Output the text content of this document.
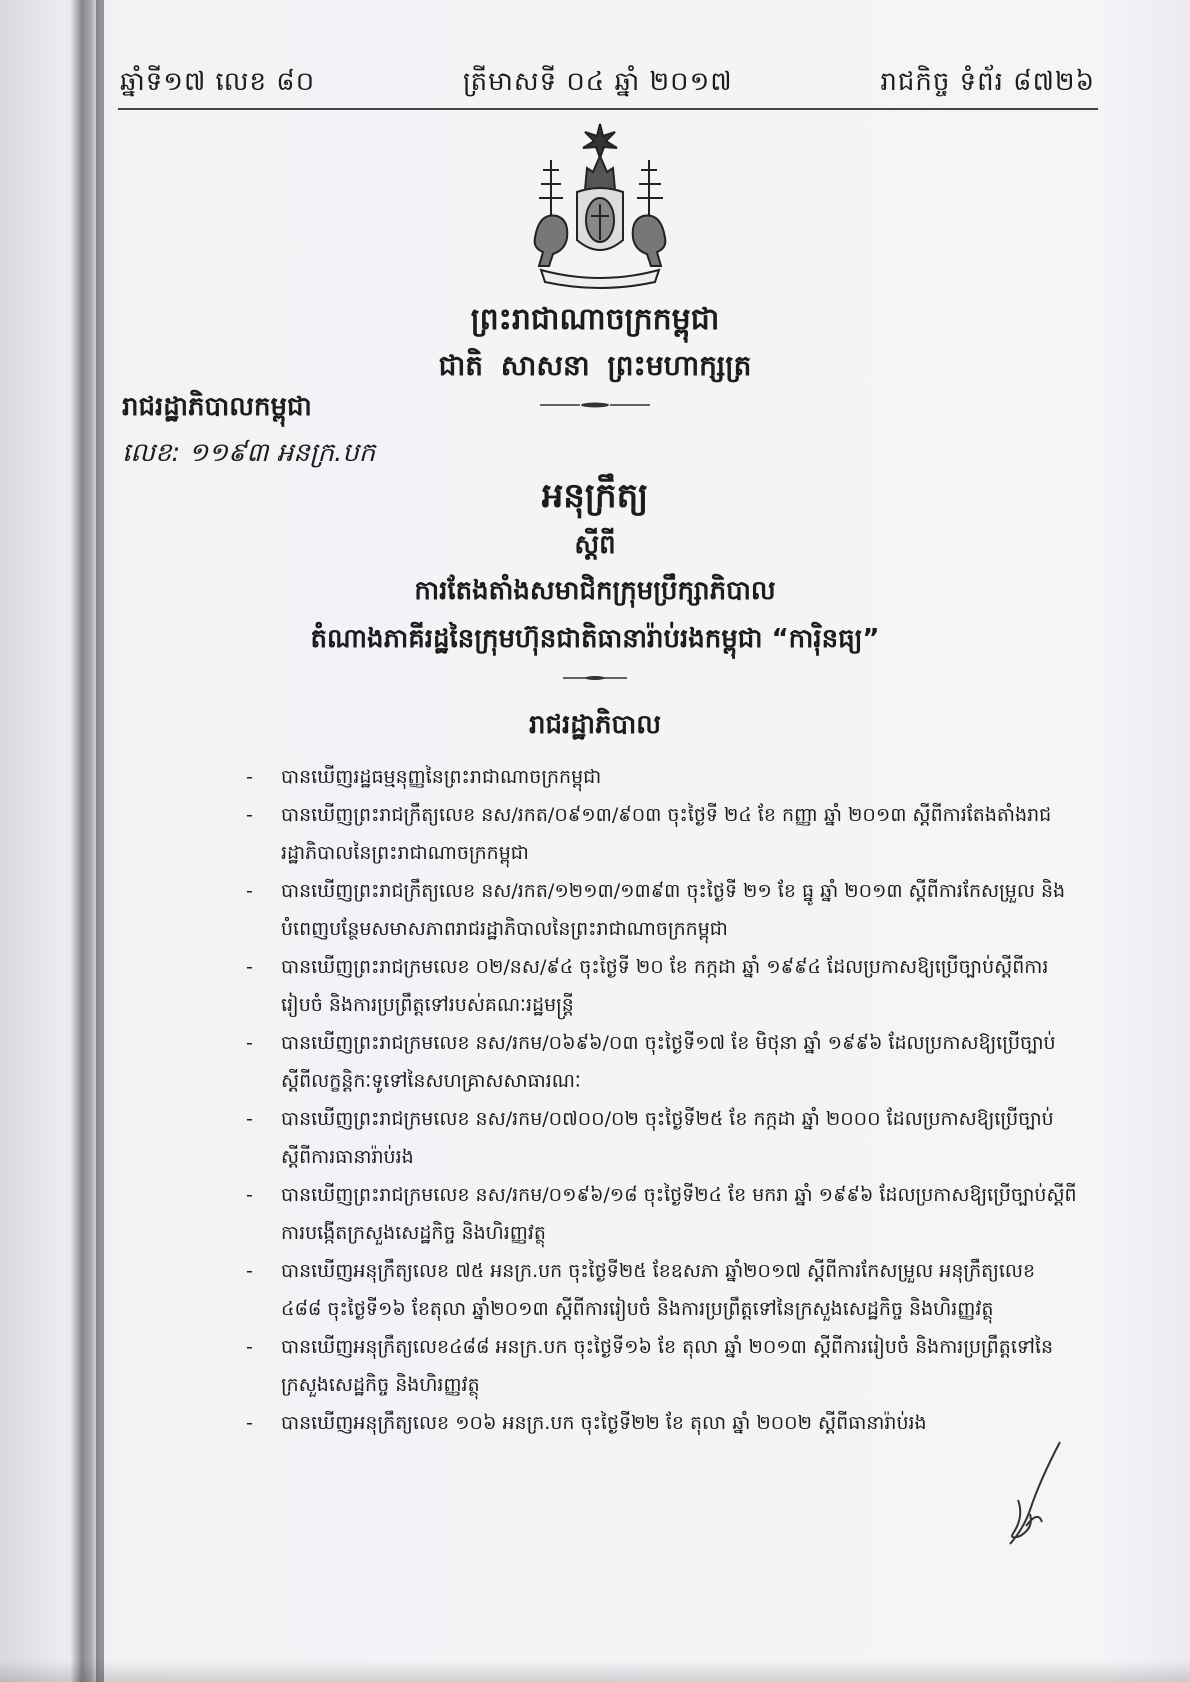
ឆ្នាំទី១៧ លេខ ៨០	ត្រីមាសទី ០៤ ឆ្នាំ ២០១៧	រាជកិច្ច ទំព័រ ៨៧២៦
ព្រះរាជាណាចក្រកម្ពុជា
ជាតិ សាសនា ព្រះមហាក្សត្រ
រាជរដ្ឋាភិបាលកម្ពុជា
លេខ: ១១៩៣ អនក្រ.បក
អនុក្រឹត្យ
ស្តីពី
ការតែងតាំងសមាជិកក្រុមប្រឹក្សាភិបាល
តំណាងភាគីរដ្ឋនៃក្រុមហ៊ុនជាតិធានារ៉ាប់រងកម្ពុជា “ការ៉ិនធ្យ”
រាជរដ្ឋាភិបាល
- បានឃើញរដ្ឋធម្មនុញ្ញនៃព្រះរាជាណាចក្រកម្ពុជា
- បានឃើញព្រះរាជក្រឹត្យលេខ នស/រកត/០៩១៣/៩០៣ ចុះថ្ងៃទី ២៤ ខែ កញ្ញា ឆ្នាំ ២០១៣ ស្តីពីការតែងតាំងរាជរដ្ឋាភិបាលនៃព្រះរាជាណាចក្រកម្ពុជា
- បានឃើញព្រះរាជក្រឹត្យលេខ នស/រកត/១២១៣/១៣៩៣ ចុះថ្ងៃទី ២១ ខែ ធ្នូ ឆ្នាំ ២០១៣ ស្តីពីការកែសម្រួល និងបំពេញបន្ថែមសមាសភាពរាជរដ្ឋាភិបាលនៃព្រះរាជាណាចក្រកម្ពុជា
- បានឃើញព្រះរាជក្រមលេខ ០២/នស/៩៤ ចុះថ្ងៃទី ២០ ខែ កក្កដា ឆ្នាំ ១៩៩៤ ដែលប្រកាសឱ្យប្រើច្បាប់ស្តីពីការរៀបចំ និងការប្រព្រឹត្តទៅរបស់គណៈរដ្ឋមន្ត្រី
- បានឃើញព្រះរាជក្រមលេខ នស/រកម/០៦៩៦/០៣ ចុះថ្ងៃទី១៧ ខែ មិថុនា ឆ្នាំ ១៩៩៦ ដែលប្រកាសឱ្យប្រើច្បាប់ស្តីពីលក្ខន្តិកៈទូទៅនៃសហគ្រាសសាធារណៈ
- បានឃើញព្រះរាជក្រមលេខ នស/រកម/០៧០០/០២ ចុះថ្ងៃទី២៥ ខែ កក្កដា ឆ្នាំ ២០០០ ដែលប្រកាសឱ្យប្រើច្បាប់ស្តីពីការធានារ៉ាប់រង
- បានឃើញព្រះរាជក្រមលេខ នស/រកម/០១៩៦/១៨ ចុះថ្ងៃទី២៤ ខែ មករា ឆ្នាំ ១៩៩៦ ដែលប្រកាសឱ្យប្រើច្បាប់ស្តីពីការបង្កើតក្រសួងសេដ្ឋកិច្ច និងហិរញ្ញវត្ថុ
- បានឃើញអនុក្រឹត្យលេខ ៧៥ អនក្រ.បក ចុះថ្ងៃទី២៥ ខែឧសភា ឆ្នាំ២០១៧ ស្តីពីការកែសម្រួល អនុក្រឹត្យលេខ ៤៨៨ ចុះថ្ងៃទី១៦ ខែតុលា ឆ្នាំ២០១៣ ស្តីពីការរៀបចំ និងការប្រព្រឹត្តទៅនៃក្រសួងសេដ្ឋកិច្ច និងហិរញ្ញវត្ថុ
- បានឃើញអនុក្រឹត្យលេខ៤៨៨ អនក្រ.បក ចុះថ្ងៃទី១៦ ខែ តុលា ឆ្នាំ ២០១៣ ស្តីពីការរៀបចំ និងការប្រព្រឹត្តទៅនៃក្រសួងសេដ្ឋកិច្ច និងហិរញ្ញវត្ថុ
- បានឃើញអនុក្រឹត្យលេខ ១០៦ អនក្រ.បក ចុះថ្ងៃទី២២ ខែ តុលា ឆ្នាំ ២០០២ ស្តីពីធានារ៉ាប់រង
